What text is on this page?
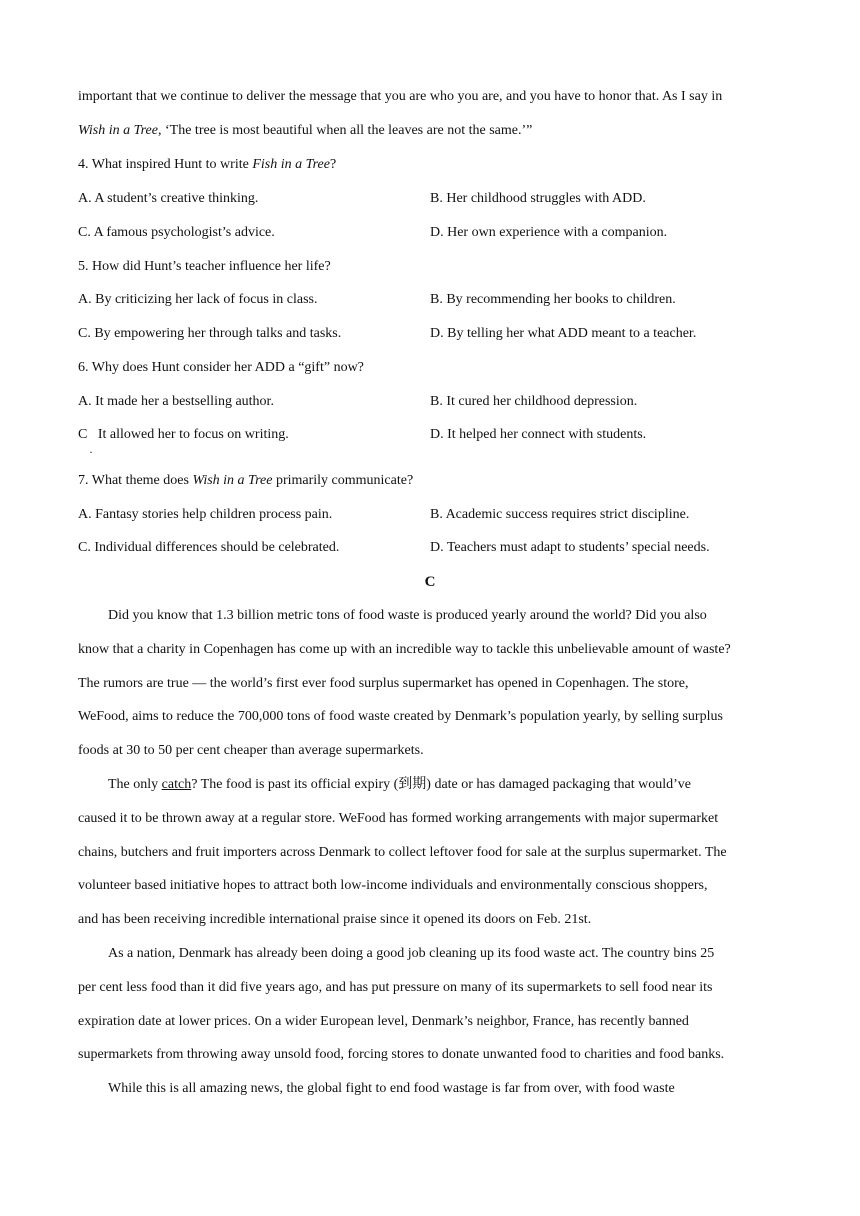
important that we continue to deliver the message that you are who you are, and you have to honor that. As I say in
Wish in a Tree, ‘The tree is most beautiful when all the leaves are not the same.’”
4. What inspired Hunt to write Fish in a Tree?
A. A student’s creative thinking.	B. Her childhood struggles with ADD.
C. A famous psychologist’s advice.	D. Her own experience with a companion.
5. How did Hunt’s teacher influence her life?
A. By criticizing her lack of focus in class.	B. By recommending her books to children.
C. By empowering her through talks and tasks.	D. By telling her what ADD meant to a teacher.
6. Why does Hunt consider her ADD a “gift” now?
A. It made her a bestselling author.	B. It cured her childhood depression.
C   It allowed her to focus on writing.	D. It helped her connect with students.
·
7. What theme does Wish in a Tree primarily communicate?
A. Fantasy stories help children process pain.	B. Academic success requires strict discipline.
C. Individual differences should be celebrated.	D. Teachers must adapt to students’ special needs.
C
Did you know that 1.3 billion metric tons of food waste is produced yearly around the world? Did you also
know that a charity in Copenhagen has come up with an incredible way to tackle this unbelievable amount of waste?
The rumors are true — the world’s first ever food surplus supermarket has opened in Copenhagen. The store,
WeFood, aims to reduce the 700,000 tons of food waste created by Denmark’s population yearly, by selling surplus
foods at 30 to 50 per cent cheaper than average supermarkets.
The only catch? The food is past its official expiry (到期) date or has damaged packaging that would’ve
caused it to be thrown away at a regular store. WeFood has formed working arrangements with major supermarket
chains, butchers and fruit importers across Denmark to collect leftover food for sale at the surplus supermarket. The
volunteer based initiative hopes to attract both low-income individuals and environmentally conscious shoppers,
and has been receiving incredible international praise since it opened its doors on Feb. 21st.
As a nation, Denmark has already been doing a good job cleaning up its food waste act. The country bins 25
per cent less food than it did five years ago, and has put pressure on many of its supermarkets to sell food near its
expiration date at lower prices. On a wider European level, Denmark’s neighbor, France, has recently banned
supermarkets from throwing away unsold food, forcing stores to donate unwanted food to charities and food banks.
While this is all amazing news, the global fight to end food wastage is far from over, with food waste
